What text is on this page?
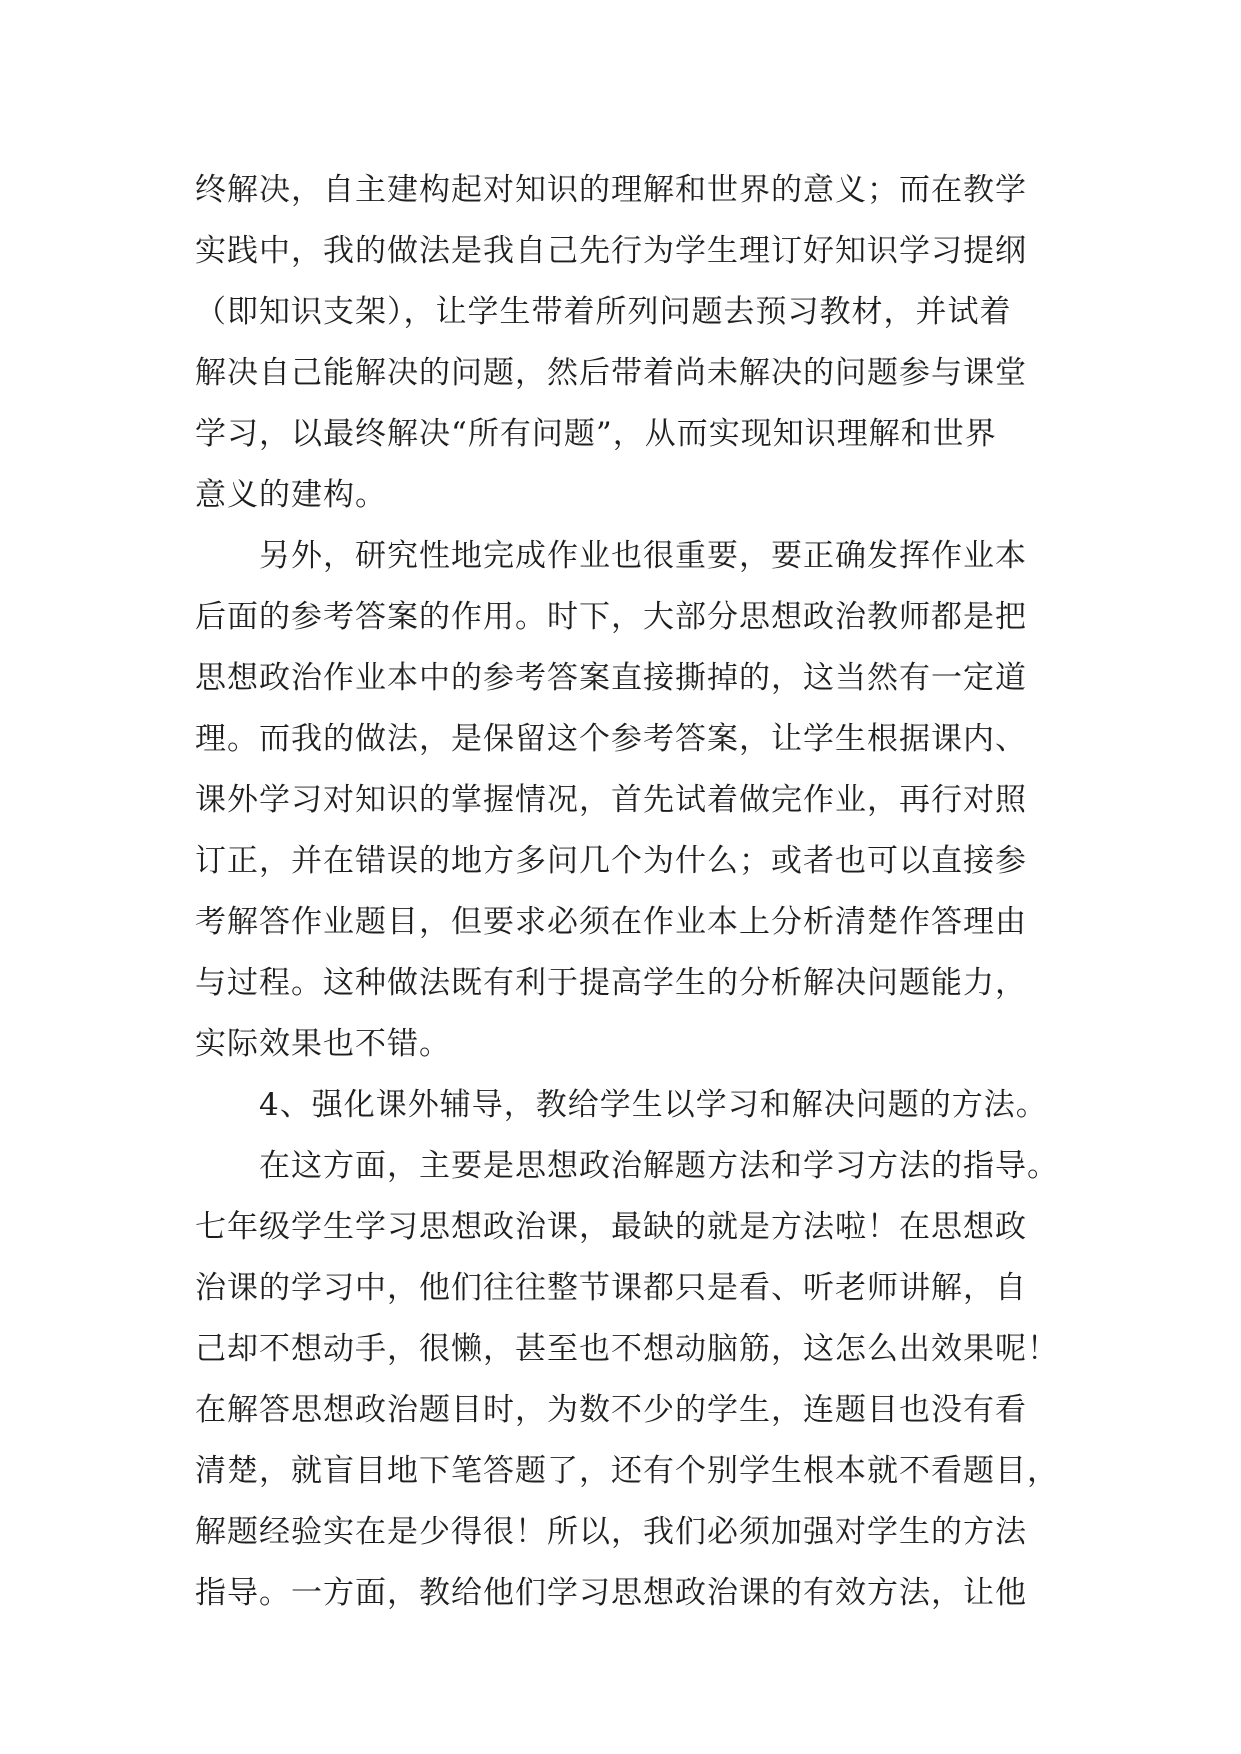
终解决，自主建构起对知识的理解和世界的意义；而在教学
实践中，我的做法是我自己先行为学生理订好知识学习提纲
（即知识支架），让学生带着所列问题去预习教材，并试着
解决自己能解决的问题，然后带着尚未解决的问题参与课堂
学习，以最终解决“所有问题”，从而实现知识理解和世界
意义的建构。
　　另外，研究性地完成作业也很重要，要正确发挥作业本
后面的参考答案的作用。时下，大部分思想政治教师都是把
思想政治作业本中的参考答案直接撕掉的，这当然有一定道
理。而我的做法，是保留这个参考答案，让学生根据课内、
课外学习对知识的掌握情况，首先试着做完作业，再行对照
订正，并在错误的地方多问几个为什么；或者也可以直接参
考解答作业题目，但要求必须在作业本上分析清楚作答理由
与过程。这种做法既有利于提高学生的分析解决问题能力，
实际效果也不错。
　　4、强化课外辅导，教给学生以学习和解决问题的方法。
　　在这方面，主要是思想政治解题方法和学习方法的指导。
七年级学生学习思想政治课，最缺的就是方法啦！在思想政
治课的学习中，他们往往整节课都只是看、听老师讲解，自
己却不想动手，很懒，甚至也不想动脑筋，这怎么出效果呢！
在解答思想政治题目时，为数不少的学生，连题目也没有看
清楚，就盲目地下笔答题了，还有个别学生根本就不看题目，
解题经验实在是少得很！所以，我们必须加强对学生的方法
指导。一方面，教给他们学习思想政治课的有效方法，让他
